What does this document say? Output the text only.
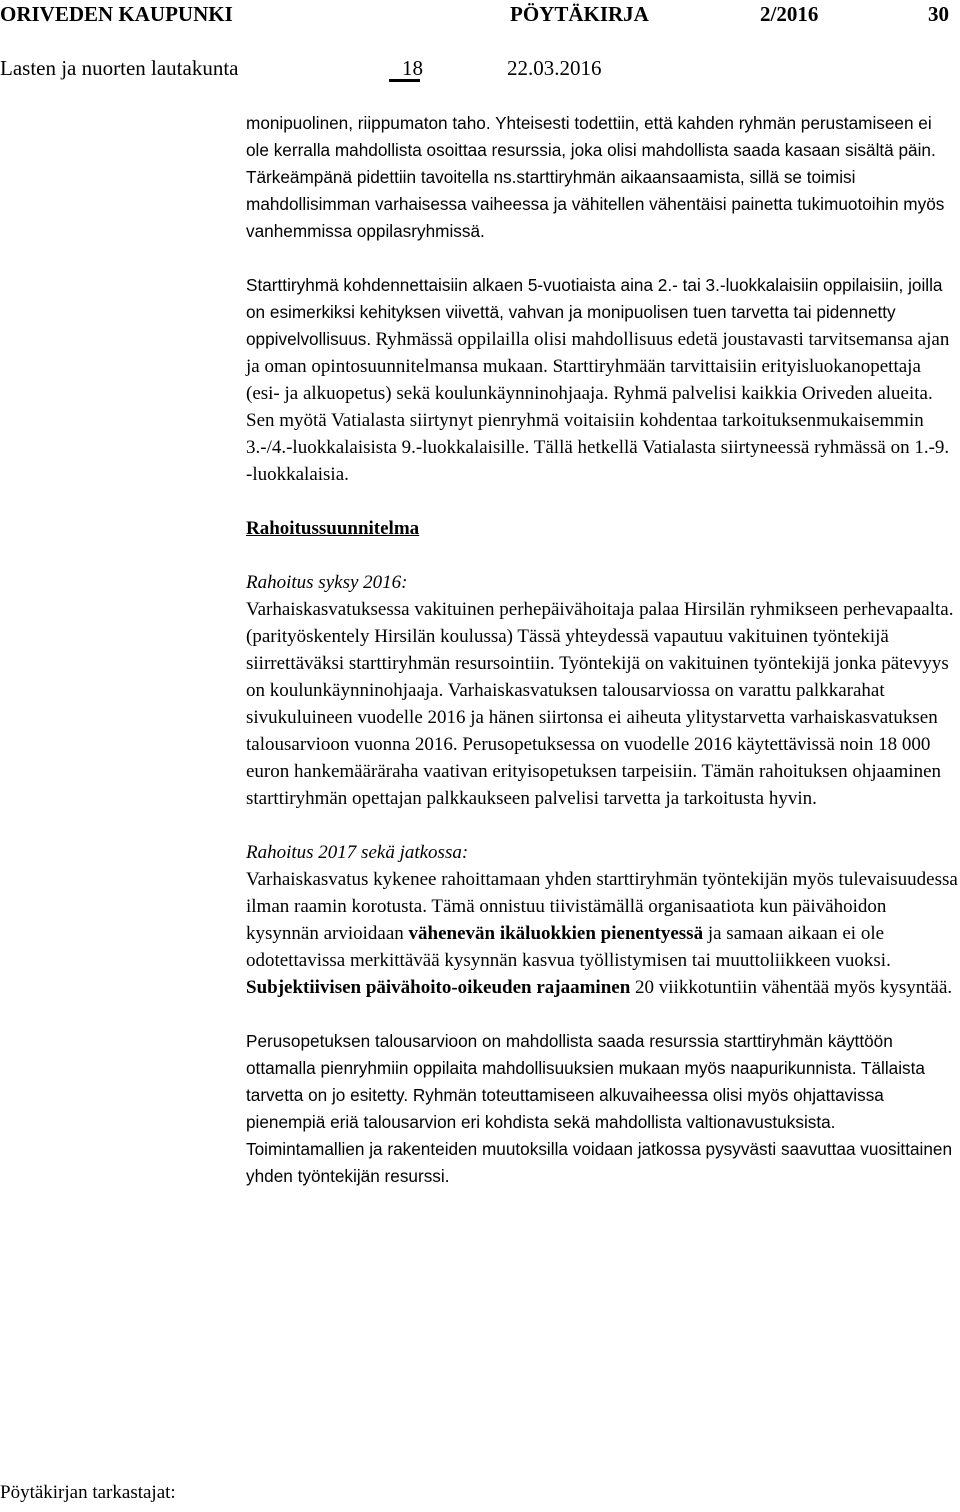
ORIVEDEN KAUPUNKI	PÖYTÄKIRJA	2/2016	30
Lasten ja nuorten lautakunta	18	22.03.2016

monipuolinen, riippumaton taho. Yhteisesti todettiin, että kahden ryhmän perustamiseen ei ole kerralla mahdollista osoittaa resurssia, joka olisi mahdollista saada kasaan sisältä päin. Tärkeämpänä pidettiin tavoitella ns.starttiryhmän aikaansaamista, sillä se toimisi mahdollisimman varhaisessa vaiheessa ja vähitellen vähentäisi painetta tukimuotoihin myös vanhemmissa oppilasryhmissä.

Starttiryhmä kohdennettaisiin alkaen 5-vuotiaista aina 2.- tai 3.-luokkalaisiin oppilaisiin, joilla on esimerkiksi kehityksen viivettä, vahvan ja monipuolisen tuen tarvetta tai pidennetty oppivelvollisuus. Ryhmässä oppilailla olisi mahdollisuus edetä joustavasti tarvitsemansa ajan ja oman opintosuunnitelmansa mukaan. Starttiryhmään tarvittaisiin erityisluokanopettaja (esi- ja alkuopetus) sekä koulunkäynninohjaaja. Ryhmä palvelisi kaikkia Oriveden alueita. Sen myötä Vatialasta siirtynyt pienryhmä voitaisiin kohdentaa tarkoituksenmukaisemmin 3.-/4.-luokkalaisista 9.-luokkalaisille. Tällä hetkellä Vatialasta siirtyneessä ryhmässä on 1.-9. -luokkalaisia.

Rahoitussuunnitelma

Rahoitus syksy 2016:

Varhaiskasvatuksessa vakituinen perhepäivähoitaja palaa Hirsilän ryhmikseen perhevapaalta. (parityöskentely Hirsilän koulussa) Tässä yhteydessä vapautuu vakituinen työntekijä siirrettäväksi starttiryhmän resursointiin. Työntekijä on vakituinen työntekijä jonka pätevyys on koulunkäynninohjaaja. Varhaiskasvatuksen talousarviossa on varattu palkkarahat sivukuluineen vuodelle 2016 ja hänen siirtonsa ei aiheuta ylitystarvetta varhaiskasvatuksen talousarvioon vuonna 2016. Perusopetuksessa on vuodelle 2016 käytettävissä noin 18 000 euron hankemääräraha vaativan erityisopetuksen tarpeisiin. Tämän rahoituksen ohjaaminen starttiryhmän opettajan palkkaukseen palvelisi tarvetta ja tarkoitusta hyvin.

Rahoitus 2017 sekä jatkossa:

Varhaiskasvatus kykenee rahoittamaan yhden starttiryhmän työntekijän myös tulevaisuudessa ilman raamin korotusta. Tämä onnistuu tiivistämällä organisaatiota kun päivähoidon kysynnän arvioidaan vähenevän ikäluokkien pienentyessä ja samaan aikaan ei ole odotettavissa merkittävää kysynnän kasvua työllistymisen tai muuttoliikkeen vuoksi. Subjektiivisen päivähoito-oikeuden rajaaminen 20 viikkotuntiin vähentää myös kysyntää.

Perusopetuksen talousarvioon on mahdollista saada resurssia starttiryhmän käyttöön ottamalla pienryhmiin oppilaita mahdollisuuksien mukaan myös naapurikunnista. Tällaista tarvetta on jo esitetty. Ryhmän toteuttamiseen alkuvaiheessa olisi myös ohjattavissa pienempiä eriä talousarvion eri kohdista sekä mahdollista valtionavustuksista. Toimintamallien ja rakenteiden muutoksilla voidaan jatkossa pysyvästi saavuttaa vuosittainen yhden työntekijän resurssi.

Pöytäkirjan tarkastajat:
